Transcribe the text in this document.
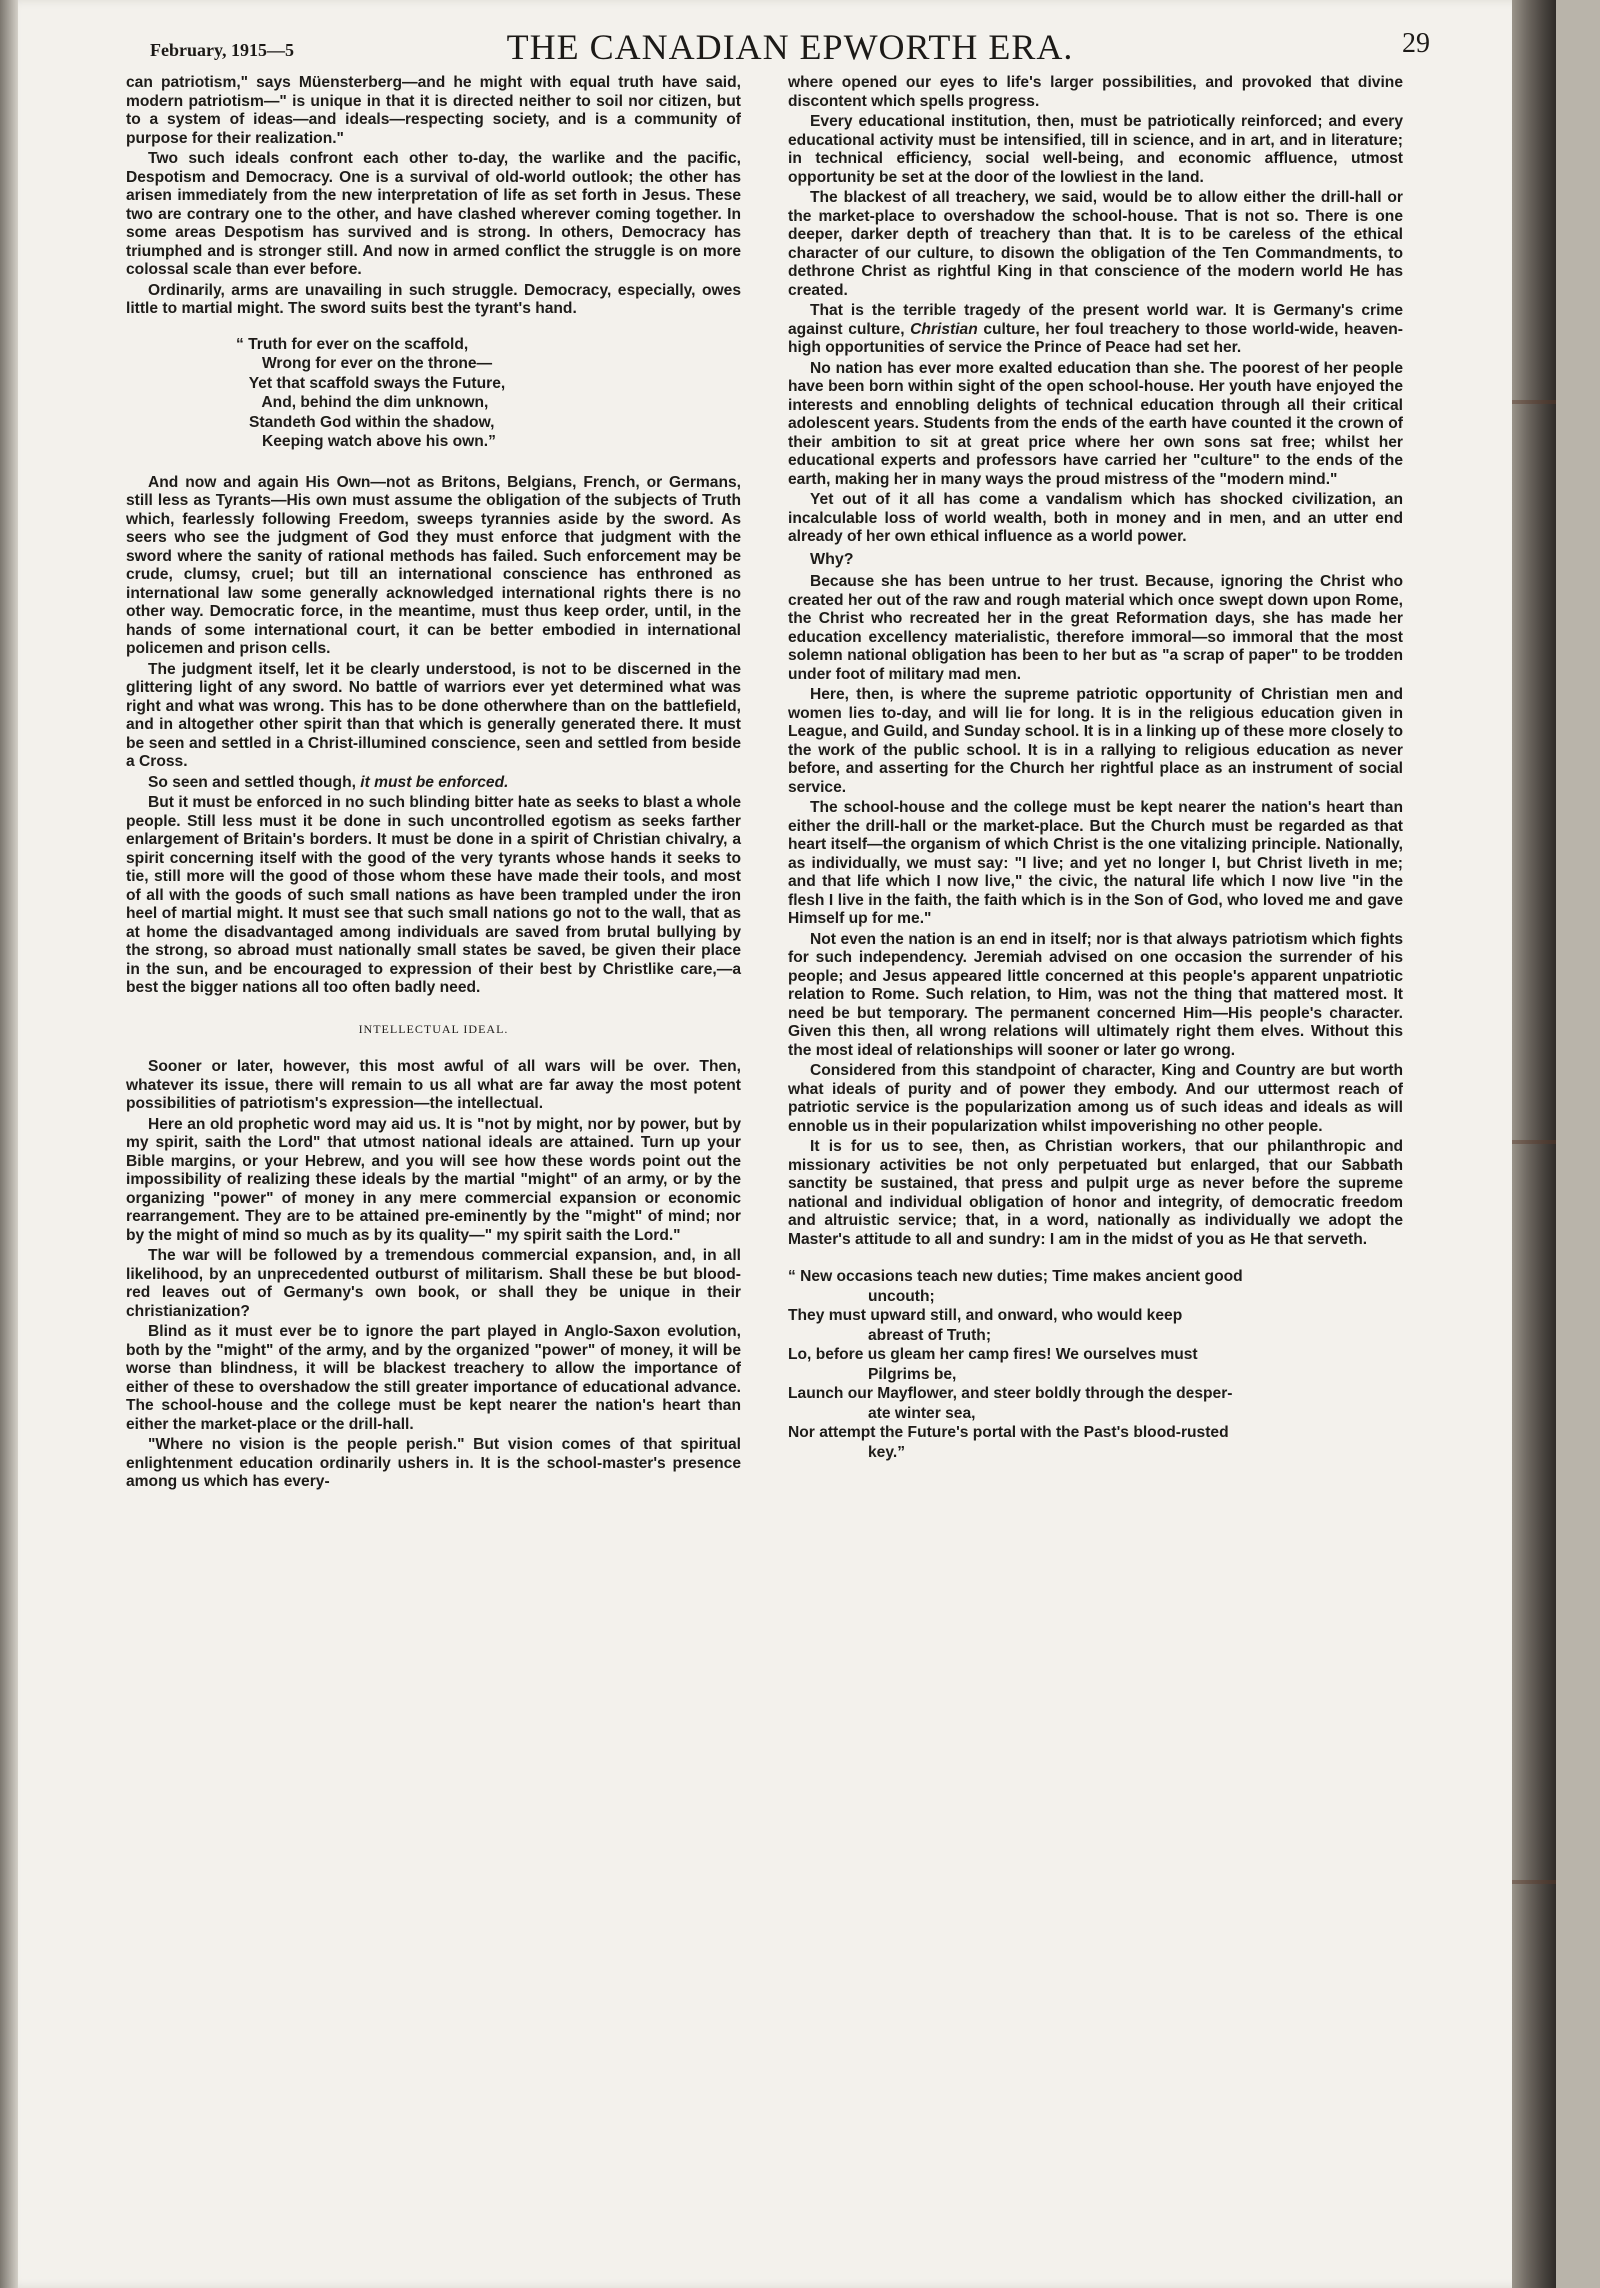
February, 1915—5	THE CANADIAN EPWORTH ERA.	29

can patriotism," says Müensterberg—and he might with equal truth have said, modern patriotism—" is unique in that it is directed neither to soil nor citizen, but to a system of ideas—and ideals—respecting society, and is a community of purpose for their realization."

Two such ideals confront each other to-day, the warlike and the pacific, Despotism and Democracy. One is a survival of old-world outlook; the other has arisen immediately from the new interpretation of life as set forth in Jesus. These two are contrary one to the other, and have clashed wherever coming together. In some areas Despotism has survived and is strong. In others, Democracy has triumphed and is stronger still. And now in armed conflict the struggle is on more colossal scale than ever before.

Ordinarily, arms are unavailing in such struggle. Democracy, especially, owes little to martial might. The sword suits best the tyrant's hand.

“ Truth for ever on the scaffold,
Wrong for ever on the throne—
Yet that scaffold sways the Future,
And, behind the dim unknown,
Standeth God within the shadow,
Keeping watch above his own.”

And now and again His Own—not as Britons, Belgians, French, or Germans, still less as Tyrants—His own must assume the obligation of the subjects of Truth which, fearlessly following Freedom, sweeps tyrannies aside by the sword. As seers who see the judgment of God they must enforce that judgment with the sword where the sanity of rational methods has failed. Such enforcement may be crude, clumsy, cruel; but till an international conscience has enthroned as international law some generally acknowledged international rights there is no other way. Democratic force, in the meantime, must thus keep order, until, in the hands of some international court, it can be better embodied in international policemen and prison cells.

The judgment itself, let it be clearly understood, is not to be discerned in the glittering light of any sword. No battle of warriors ever yet determined what was right and what was wrong. This has to be done otherwhere than on the battlefield, and in altogether other spirit than that which is generally generated there. It must be seen and settled in a Christ-illumined conscience, seen and settled from beside a Cross.

So seen and settled though, it must be enforced.

But it must be enforced in no such blinding bitter hate as seeks to blast a whole people. Still less must it be done in such uncontrolled egotism as seeks farther enlargement of Britain's borders. It must be done in a spirit of Christian chivalry, a spirit concerning itself with the good of the very tyrants whose hands it seeks to tie, still more will the good of those whom these have made their tools, and most of all with the goods of such small nations as have been trampled under the iron heel of martial might. It must see that such small nations go not to the wall, that as at home the disadvantaged among individuals are saved from brutal bullying by the strong, so abroad must nationally small states be saved, be given their place in the sun, and be encouraged to expression of their best by Christlike care,—a best the bigger nations all too often badly need.

INTELLECTUAL IDEAL.

Sooner or later, however, this most awful of all wars will be over. Then, whatever its issue, there will remain to us all what are far away the most potent possibilities of patriotism's expression—the intellectual.

Here an old prophetic word may aid us. It is "not by might, nor by power, but by my spirit, saith the Lord" that utmost national ideals are attained. Turn up your Bible margins, or your Hebrew, and you will see how these words point out the impossibility of realizing these ideals by the martial "might" of an army, or by the organizing "power" of money in any mere commercial expansion or economic rearrangement. They are to be attained pre-eminently by the "might" of mind; nor by the might of mind so much as by its quality—" my spirit saith the Lord."

The war will be followed by a tremendous commercial expansion, and, in all likelihood, by an unprecedented outburst of militarism. Shall these be but blood-red leaves out of Germany's own book, or shall they be unique in their christianization?

Blind as it must ever be to ignore the part played in Anglo-Saxon evolution, both by the "might" of the army, and by the organized "power" of money, it will be worse than blindness, it will be blackest treachery to allow the importance of either of these to overshadow the still greater importance of educational advance. The school-house and the college must be kept nearer the nation's heart than either the market-place or the drill-hall.

"Where no vision is the people perish." But vision comes of that spiritual enlightenment education ordinarily ushers in. It is the school-master's presence among us which has every-

where opened our eyes to life's larger possibilities, and provoked that divine discontent which spells progress.

Every educational institution, then, must be patriotically reinforced; and every educational activity must be intensified, till in science, and in art, and in literature; in technical efficiency, social well-being, and economic affluence, utmost opportunity be set at the door of the lowliest in the land.

The blackest of all treachery, we said, would be to allow either the drill-hall or the market-place to overshadow the school-house. That is not so. There is one deeper, darker depth of treachery than that. It is to be careless of the ethical character of our culture, to disown the obligation of the Ten Commandments, to dethrone Christ as rightful King in that conscience of the modern world He has created.

That is the terrible tragedy of the present world war. It is Germany's crime against culture, Christian culture, her foul treachery to those world-wide, heaven-high opportunities of service the Prince of Peace had set her.

No nation has ever more exalted education than she. The poorest of her people have been born within sight of the open school-house. Her youth have enjoyed the interests and ennobling delights of technical education through all their critical adolescent years. Students from the ends of the earth have counted it the crown of their ambition to sit at great price where her own sons sat free; whilst her educational experts and professors have carried her "culture" to the ends of the earth, making her in many ways the proud mistress of the "modern mind."

Yet out of it all has come a vandalism which has shocked civilization, an incalculable loss of world wealth, both in money and in men, and an utter end already of her own ethical influence as a world power.

Why?

Because she has been untrue to her trust. Because, ignoring the Christ who created her out of the raw and rough material which once swept down upon Rome, the Christ who recreated her in the great Reformation days, she has made her education excellency materialistic, therefore immoral—so immoral that the most solemn national obligation has been to her but as "a scrap of paper" to be trodden under foot of military mad men.

Here, then, is where the supreme patriotic opportunity of Christian men and women lies to-day, and will lie for long. It is in the religious education given in League, and Guild, and Sunday school. It is in a linking up of these more closely to the work of the public school. It is in a rallying to religious education as never before, and asserting for the Church her rightful place as an instrument of social service.

The school-house and the college must be kept nearer the nation's heart than either the drill-hall or the market-place. But the Church must be regarded as that heart itself—the organism of which Christ is the one vitalizing principle. Nationally, as individually, we must say: "I live; and yet no longer I, but Christ liveth in me; and that life which I now live," the civic, the natural life which I now live "in the flesh I live in the faith, the faith which is in the Son of God, who loved me and gave Himself up for me."

Not even the nation is an end in itself; nor is that always patriotism which fights for such independency. Jeremiah advised on one occasion the surrender of his people; and Jesus appeared little concerned at this people's apparent unpatriotic relation to Rome. Such relation, to Him, was not the thing that mattered most. It need be but temporary. The permanent concerned Him—His people's character. Given this then, all wrong relations will ultimately right them elves. Without this the most ideal of relationships will sooner or later go wrong.

Considered from this standpoint of character, King and Country are but worth what ideals of purity and of power they embody. And our uttermost reach of patriotic service is the popularization among us of such ideas and ideals as will ennoble us in their popularization whilst impoverishing no other people.

It is for us to see, then, as Christian workers, that our philanthropic and missionary activities be not only perpetuated but enlarged, that our Sabbath sanctity be sustained, that press and pulpit urge as never before the supreme national and individual obligation of honor and integrity, of democratic freedom and altruistic service; that, in a word, nationally as individually we adopt the Master's attitude to all and sundry: I am in the midst of you as He that serveth.

“ New occasions teach new duties; Time makes ancient good
uncouth;
They must upward still, and onward, who would keep
abreast of Truth;
Lo, before us gleam her camp fires! We ourselves must
Pilgrims be,
Launch our Mayflower, and steer boldly through the desper-
ate winter sea,
Nor attempt the Future's portal with the Past's blood-rusted
key.”
